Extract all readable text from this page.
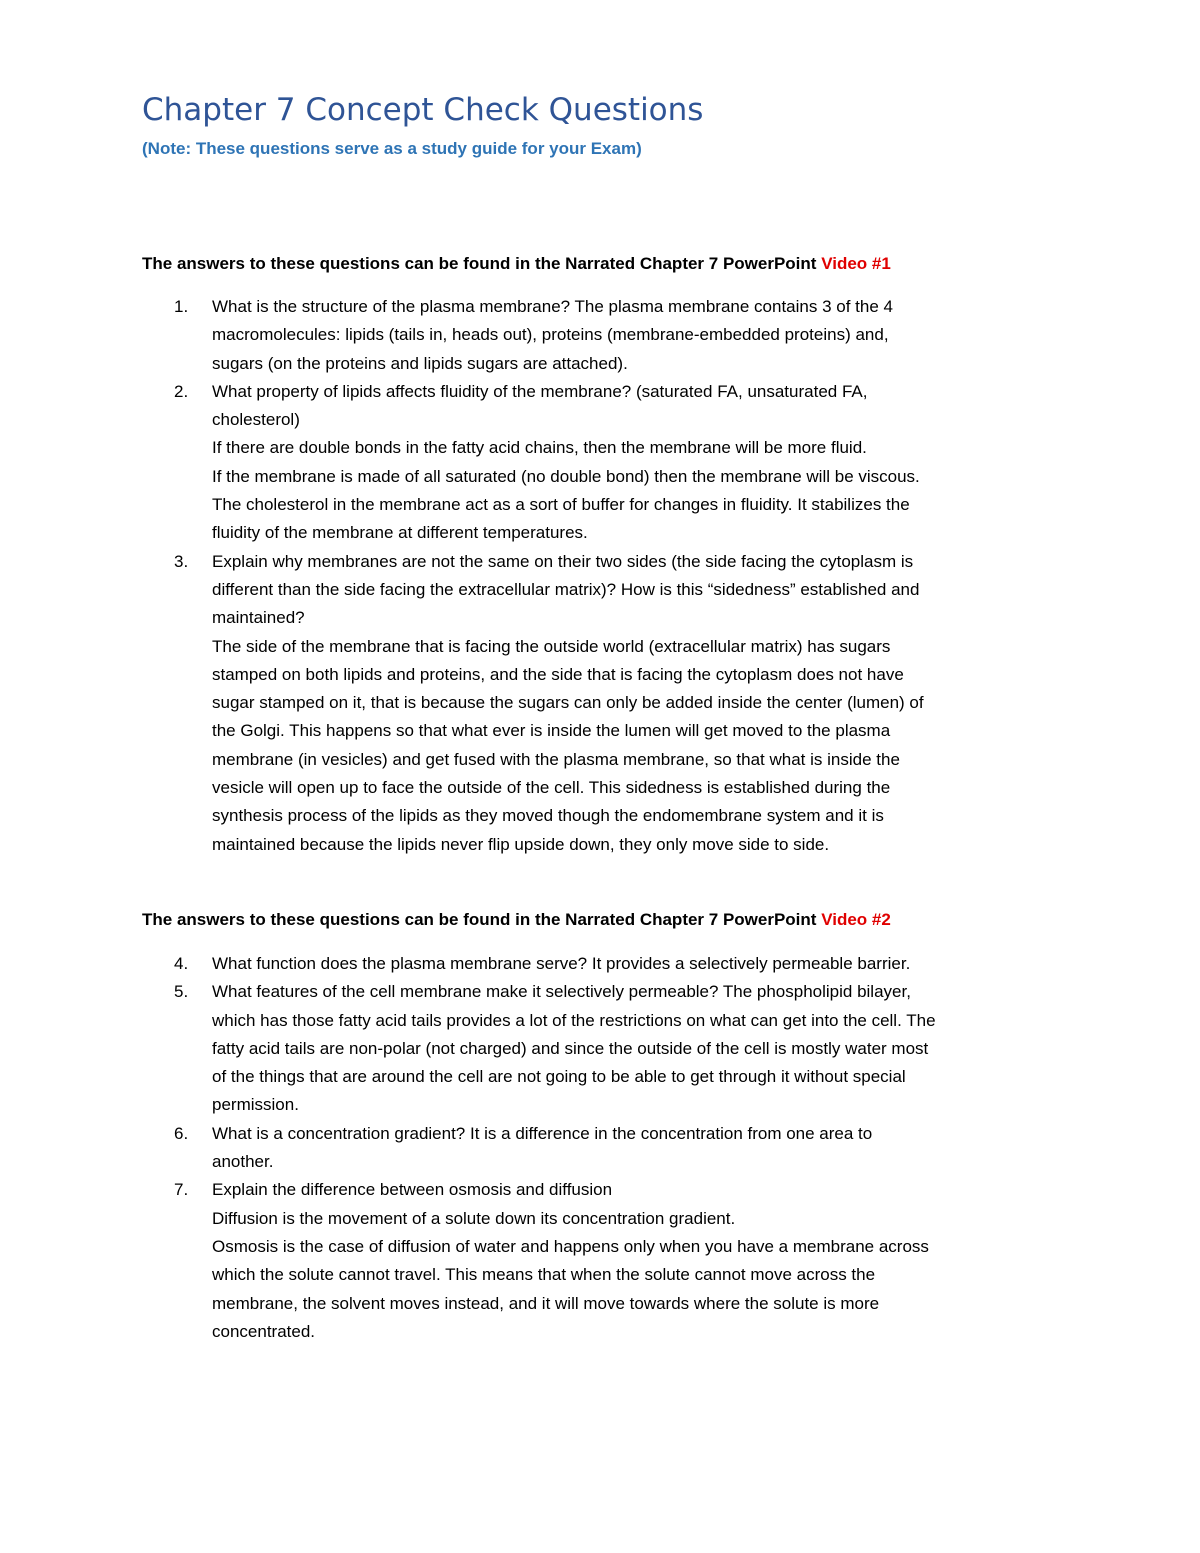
Chapter 7 Concept Check Questions
(Note: These questions serve as a study guide for your Exam)

The answers to these questions can be found in the Narrated Chapter 7 PowerPoint Video #1

1.	What is the structure of the plasma membrane? The plasma membrane contains 3 of the 4
macromolecules: lipids (tails in, heads out), proteins (membrane-embedded proteins) and,
sugars (on the proteins and lipids sugars are attached).
2.	What property of lipids affects fluidity of the membrane? (saturated FA, unsaturated FA,
cholesterol)
If there are double bonds in the fatty acid chains, then the membrane will be more fluid.
If the membrane is made of all saturated (no double bond) then the membrane will be viscous.
The cholesterol in the membrane act as a sort of buffer for changes in fluidity. It stabilizes the
fluidity of the membrane at different temperatures.
3.	Explain why membranes are not the same on their two sides (the side facing the cytoplasm is
different than the side facing the extracellular matrix)? How is this “sidedness” established and
maintained?
The side of the membrane that is facing the outside world (extracellular matrix) has sugars
stamped on both lipids and proteins, and the side that is facing the cytoplasm does not have
sugar stamped on it, that is because the sugars can only be added inside the center (lumen) of
the Golgi. This happens so that what ever is inside the lumen will get moved to the plasma
membrane (in vesicles) and get fused with the plasma membrane, so that what is inside the
vesicle will open up to face the outside of the cell. This sidedness is established during the
synthesis process of the lipids as they moved though the endomembrane system and it is
maintained because the lipids never flip upside down, they only move side to side.

The answers to these questions can be found in the Narrated Chapter 7 PowerPoint Video #2

4.	What function does the plasma membrane serve? It provides a selectively permeable barrier.
5.	What features of the cell membrane make it selectively permeable? The phospholipid bilayer,
which has those fatty acid tails provides a lot of the restrictions on what can get into the cell. The
fatty acid tails are non-polar (not charged) and since the outside of the cell is mostly water most
of the things that are around the cell are not going to be able to get through it without special
permission.
6.	What is a concentration gradient? It is a difference in the concentration from one area to
another.
7.	Explain the difference between osmosis and diffusion
Diffusion is the movement of a solute down its concentration gradient.
Osmosis is the case of diffusion of water and happens only when you have a membrane across
which the solute cannot travel. This means that when the solute cannot move across the
membrane, the solvent moves instead, and it will move towards where the solute is more
concentrated.
